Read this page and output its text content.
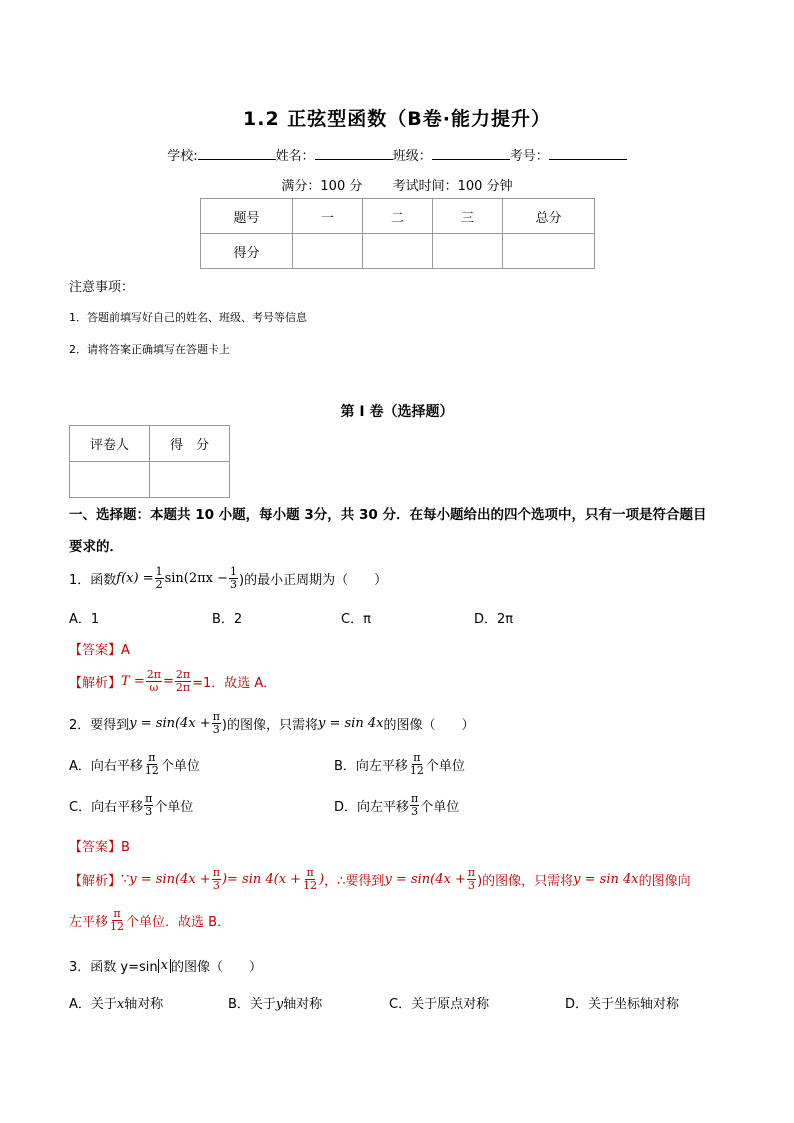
1.2 正弦型函数（B卷·能力提升）
学校:	姓名：	班级：	考号：
满分：100 分 考试时间：100 分钟
题号	一	二	三	总分
得分				
注意事项：
1．答题前填写好自己的姓名、班级、考号等信息
2．请将答案正确填写在答题卡上
第 I 卷（选择题）
评卷人	得　分

一、选择题：本题共 10 小题，每小题 3分，共 30 分．在每小题给出的四个选项中，只有一项是符合题目
要求的．
1．函数 $f(x) = \frac{1}{2} \sin(2\pi x - \frac{1}{3}$ )的最小正周期为（　　）
A．1	B．2	C．π	D．2π
【答案】A
【解析】 $T = \frac{2\pi}{\omega} = \frac{2\pi}{2\pi} =1$．故选 A．
2．要得到 $y = \sin(4x + \frac{\pi}{3}$ )的图像，只需将 y = sin 4x 的图像（　　）
A．向右平移 $\frac{\pi}{12}$ 个单位	B．向左平移 $\frac{\pi}{12}$ 个单位
C．向右平移 $\frac{\pi}{3}$ 个单位	D．向左平移 $\frac{\pi}{3}$ 个单位
【答案】B
【解析】 ∵ $y = \sin(4x + \frac{\pi}{3}$ )= $\sin 4(x + \frac{\pi}{12}$ ) ，∴要得到 $y = \sin(4x + \frac{\pi}{3}$ )的图像，只需将 y = sin 4x 的图像向
左平移 $\frac{\pi}{12}$ 个单位．故选 B．
3．函数 y=sin x 的图像（　　）
A．关于x轴对称	B．关于y轴对称	C．关于原点对称	D．关于坐标轴对称
